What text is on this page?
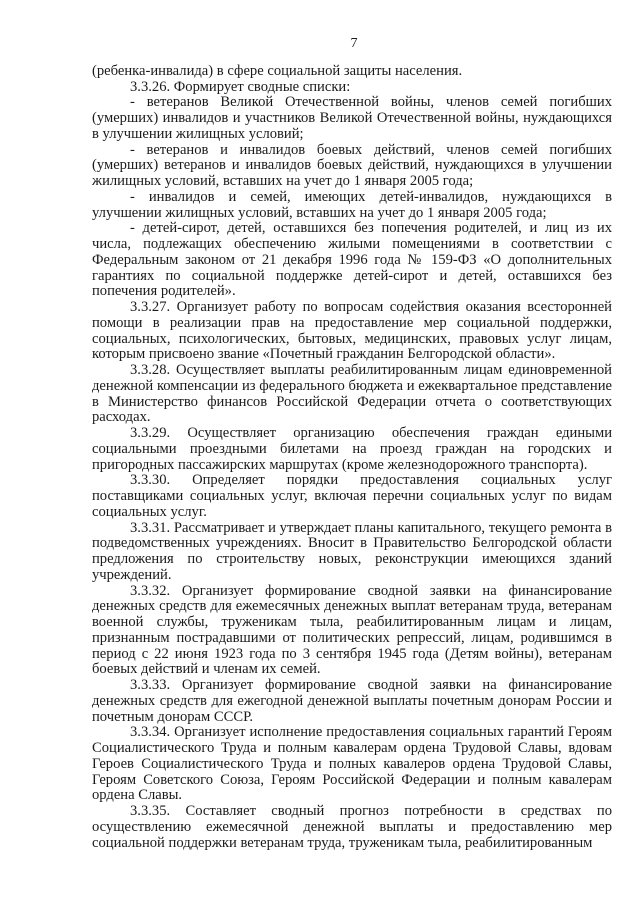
7

(ребенка-инвалида) в сфере социальной защиты населения.

3.3.26. Формирует сводные списки:

- ветеранов Великой Отечественной войны, членов семей погибших (умерших) инвалидов и участников Великой Отечественной войны, нуждающихся в улучшении жилищных условий;

- ветеранов и инвалидов боевых действий, членов семей погибших (умерших) ветеранов и инвалидов боевых действий, нуждающихся в улучшении жилищных условий, вставших на учет до 1 января 2005 года;

- инвалидов и семей, имеющих детей-инвалидов, нуждающихся в улучшении жилищных условий, вставших на учет до 1 января 2005 года;

- детей-сирот, детей, оставшихся без попечения родителей, и лиц из их числа, подлежащих обеспечению жилыми помещениями в соответствии с Федеральным законом от 21 декабря 1996 года № 159-ФЗ «О дополнительных гарантиях по социальной поддержке детей-сирот и детей, оставшихся без попечения родителей».

3.3.27. Организует работу по вопросам содействия оказания всесторонней помощи в реализации прав на предоставление мер социальной поддержки, социальных, психологических, бытовых, медицинских, правовых услуг лицам, которым присвоено звание «Почетный гражданин Белгородской области».

3.3.28. Осуществляет выплаты реабилитированным лицам единовременной денежной компенсации из федерального бюджета и ежеквартальное представление в Министерство финансов Российской Федерации отчета о соответствующих расходах.

3.3.29. Осуществляет организацию обеспечения граждан едиными социальными проездными билетами на проезд граждан на городских и пригородных пассажирских маршрутах (кроме железнодорожного транспорта).

3.3.30. Определяет порядки предоставления социальных услуг поставщиками социальных услуг, включая перечни социальных услуг по видам социальных услуг.

3.3.31. Рассматривает и утверждает планы капитального, текущего ремонта в подведомственных учреждениях. Вносит в Правительство Белгородской области предложения по строительству новых, реконструкции имеющихся зданий учреждений.

3.3.32. Организует формирование сводной заявки на финансирование денежных средств для ежемесячных денежных выплат ветеранам труда, ветеранам военной службы, труженикам тыла, реабилитированным лицам и лицам, признанным пострадавшими от политических репрессий, лицам, родившимся в период с 22 июня 1923 года по 3 сентября 1945 года (Детям войны), ветеранам боевых действий и членам их семей.

3.3.33. Организует формирование сводной заявки на финансирование денежных средств для ежегодной денежной выплаты почетным донорам России и почетным донорам СССР.

3.3.34. Организует исполнение предоставления социальных гарантий Героям Социалистического Труда и полным кавалерам ордена Трудовой Славы, вдовам Героев Социалистического Труда и полных кавалеров ордена Трудовой Славы, Героям Советского Союза, Героям Российской Федерации и полным кавалерам ордена Славы.

3.3.35. Составляет сводный прогноз потребности в средствах по осуществлению ежемесячной денежной выплаты и предоставлению мер социальной поддержки ветеранам труда, труженикам тыла, реабилитированным
